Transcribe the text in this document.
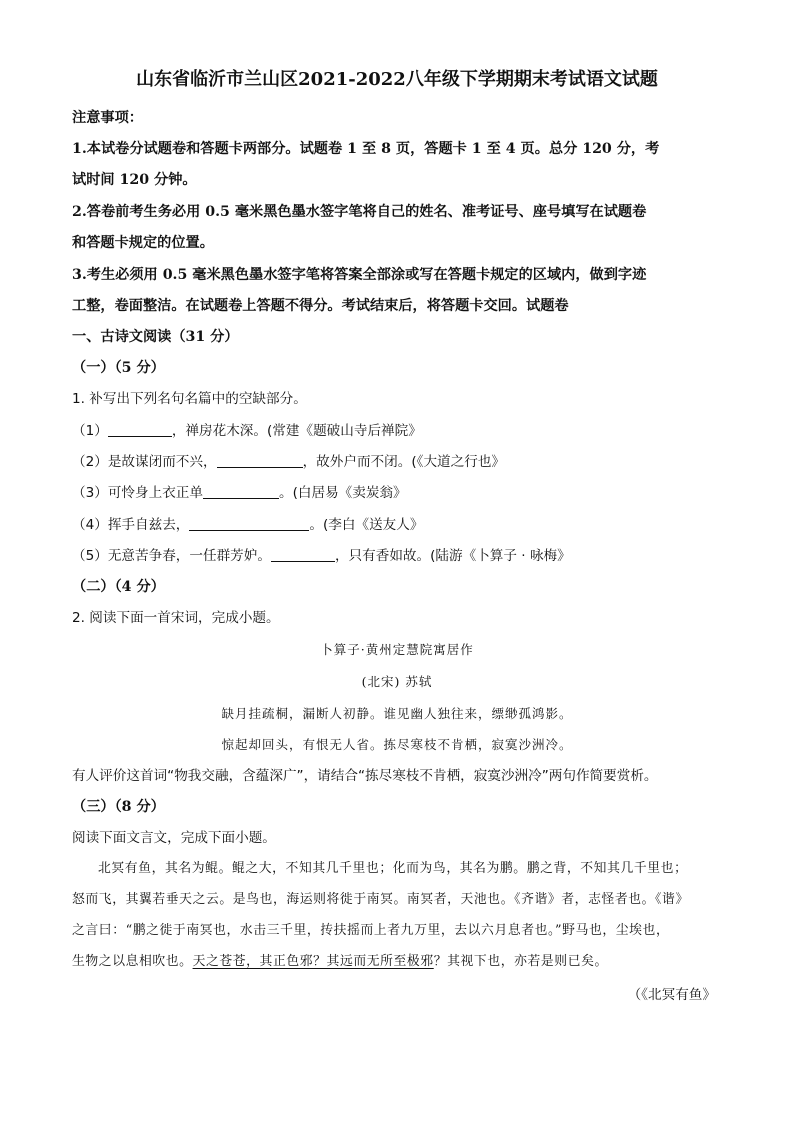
山东省临沂市兰山区2021-2022八年级下学期期末考试语文试题
注意事项：
1.本试卷分试题卷和答题卡两部分。试题卷 1 至 8 页，答题卡 1 至 4 页。总分 120 分，考
试时间 120 分钟。
2.答卷前考生务必用 0.5 毫米黑色墨水签字笔将自己的姓名、准考证号、座号填写在试题卷
和答题卡规定的位置。
3.考生必须用 0.5 毫米黑色墨水签字笔将答案全部涂或写在答题卡规定的区域内，做到字迹
工整，卷面整洁。在试题卷上答题不得分。考试结束后，将答题卡交回。试题卷
一、古诗文阅读（31 分）
（一）（5 分）
1. 补写出下列名句名篇中的空缺部分。
（1）	，禅房花木深。(常建《题破山寺后禅院》
（2）是故谋闭而不兴，	，故外户而不闭。(《大道之行也》
（3）可怜身上衣正单	。(白居易《卖炭翁》
（4）挥手自兹去，	。(李白《送友人》
（5）无意苦争春，一任群芳妒。	，只有香如故。(陆游《卜算子 · 咏梅》
（二）（4 分）
2. 阅读下面一首宋词，完成小题。
卜算子·黄州定慧院寓居作
(北宋) 苏轼
缺月挂疏桐，漏断人初静。谁见幽人独往来，缥缈孤鸿影。
惊起却回头，有恨无人省。拣尽寒枝不肯栖，寂寞沙洲冷。
有人评价这首词“物我交融，含蕴深广”，请结合“拣尽寒枝不肯栖，寂寞沙洲冷”两句作简要赏析。
（三）（8 分）
阅读下面文言文，完成下面小题。
北冥有鱼，其名为鲲。鲲之大，不知其几千里也；化而为鸟，其名为鹏。鹏之背，不知其几千里也；
怒而飞，其翼若垂天之云。是鸟也，海运则将徙于南冥。南冥者，天池也。《齐谐》者，志怪者也。《谐》
之言曰：“鹏之徙于南冥也，水击三千里，抟扶摇而上者九万里，去以六月息者也。”野马也，尘埃也，
生物之以息相吹也。天之苍苍，其正色邪？其远而无所至极邪？其视下也，亦若是则已矣。
（《北冥有鱼》
